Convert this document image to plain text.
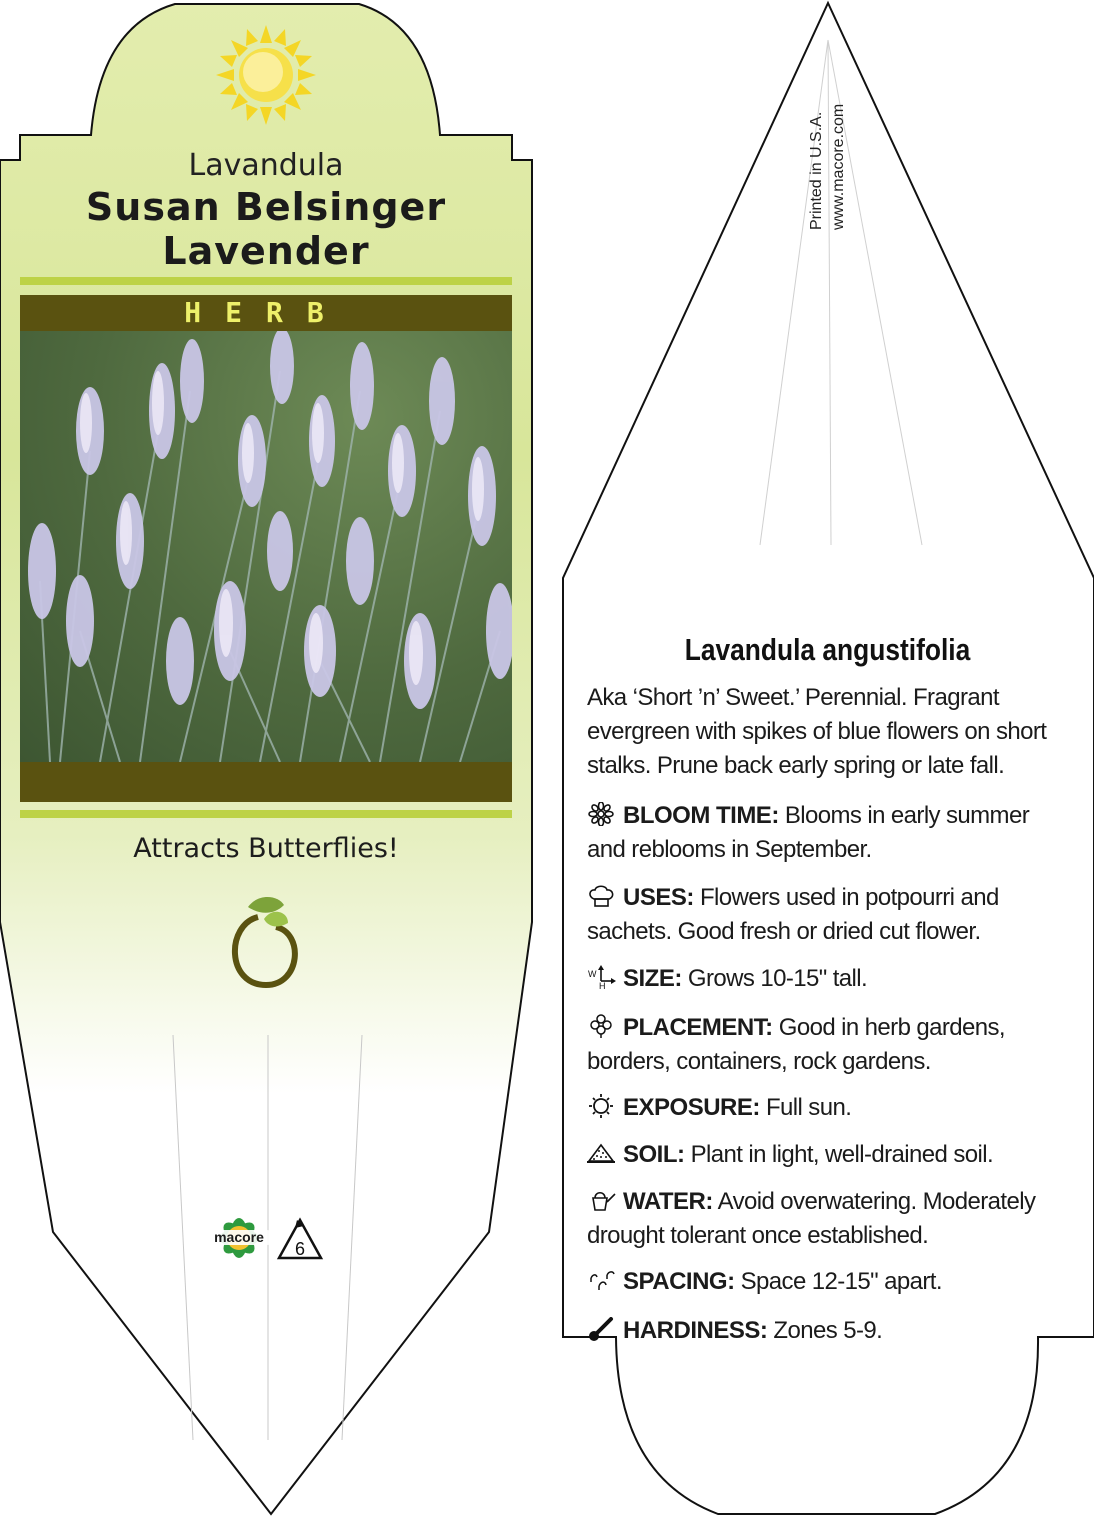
macore
6
Lavandula
Susan Belsinger
Lavender
HERB
Attracts Butterflies!
Printed in U.S.A. www.macore.com
Lavandula angustifolia
Aka ‘Short ’n’ Sweet.’ Perennial. Fragrant evergreen with spikes of blue flowers on short stalks. Prune back early spring or late fall.
BLOOM TIME: Blooms in early summer and reblooms in September.
USES: Flowers used in potpourri and sachets. Good fresh or dried cut flower.
W
H SIZE: Grows 10-15" tall.
PLACEMENT: Good in herb gardens, borders, containers, rock gardens.
EXPOSURE: Full sun.
SOIL: Plant in light, well-drained soil.
WATER: Avoid overwatering. Moderately drought tolerant once established.
SPACING: Space 12-15" apart.
HARDINESS: Zones 5-9.
